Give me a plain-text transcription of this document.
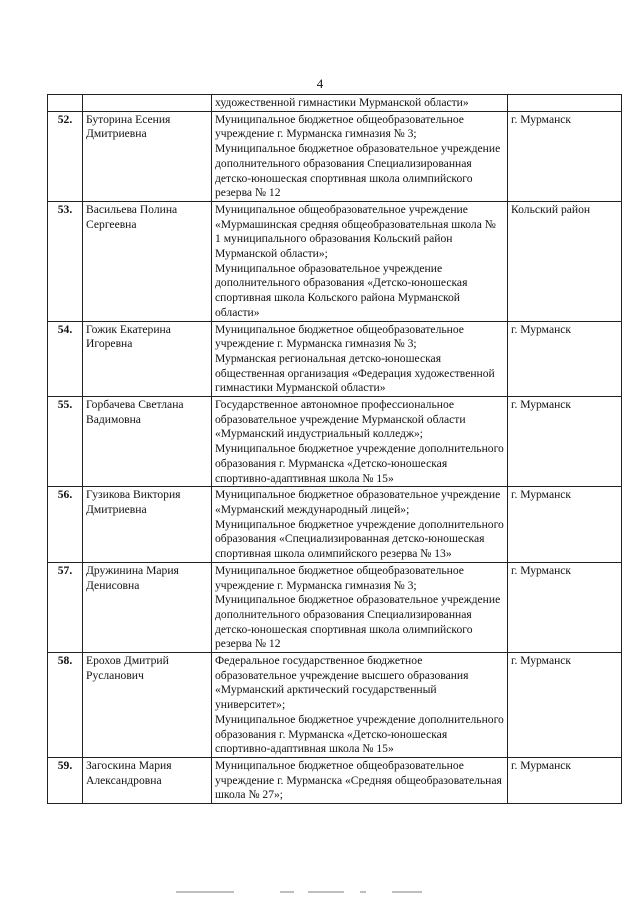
4
		художественной гимнастики Мурманской области»	
52.	Буторина Есения Дмитриевна	Муниципальное бюджетное общеобразовательное учреждение г. Мурманска гимназия № 3;
Муниципальное бюджетное образовательное учреждение дополнительного образования Специализированная детско-юношеская спортивная школа олимпийского резерва № 12	г. Мурманск
53.	Васильева Полина Сергеевна	Муниципальное общеобразовательное учреждение «Мурмашинская средняя общеобразовательная школа № 1 муниципального образования Кольский район Мурманской области»;
Муниципальное образовательное учреждение дополнительного образования «Детско-юношеская спортивная школа Кольского района Мурманской области»	Кольский район
54.	Гожик Екатерина Игоревна	Муниципальное бюджетное общеобразовательное учреждение г. Мурманска гимназия № 3;
Мурманская региональная детско-юношеская общественная организация «Федерация художественной гимнастики Мурманской области»	г. Мурманск
55.	Горбачева Светлана Вадимовна	Государственное автономное профессиональное образовательное учреждение Мурманской области «Мурманский индустриальный колледж»;
Муниципальное бюджетное учреждение дополнительного образования г. Мурманска «Детско-юношеская спортивно-адаптивная школа № 15»	г. Мурманск
56.	Гузикова Виктория Дмитриевна	Муниципальное бюджетное образовательное учреждение «Мурманский международный лицей»;
Муниципальное бюджетное учреждение дополнительного образования «Специализированная детско-юношеская спортивная школа олимпийского резерва № 13»	г. Мурманск
57.	Дружинина Мария Денисовна	Муниципальное бюджетное общеобразовательное учреждение г. Мурманска гимназия № 3;
Муниципальное бюджетное образовательное учреждение дополнительного образования Специализированная детско-юношеская спортивная школа олимпийского резерва № 12	г. Мурманск
58.	Ерохов Дмитрий Русланович	Федеральное государственное бюджетное образовательное учреждение высшего образования «Мурманский арктический государственный университет»;
Муниципальное бюджетное учреждение дополнительного образования г. Мурманска «Детско-юношеская спортивно-адаптивная школа № 15»	г. Мурманск
59.	Загоскина Мария Александровна	Муниципальное бюджетное общеобразовательное учреждение г. Мурманска «Средняя общеобразовательная школа № 27»;	г. Мурманск
